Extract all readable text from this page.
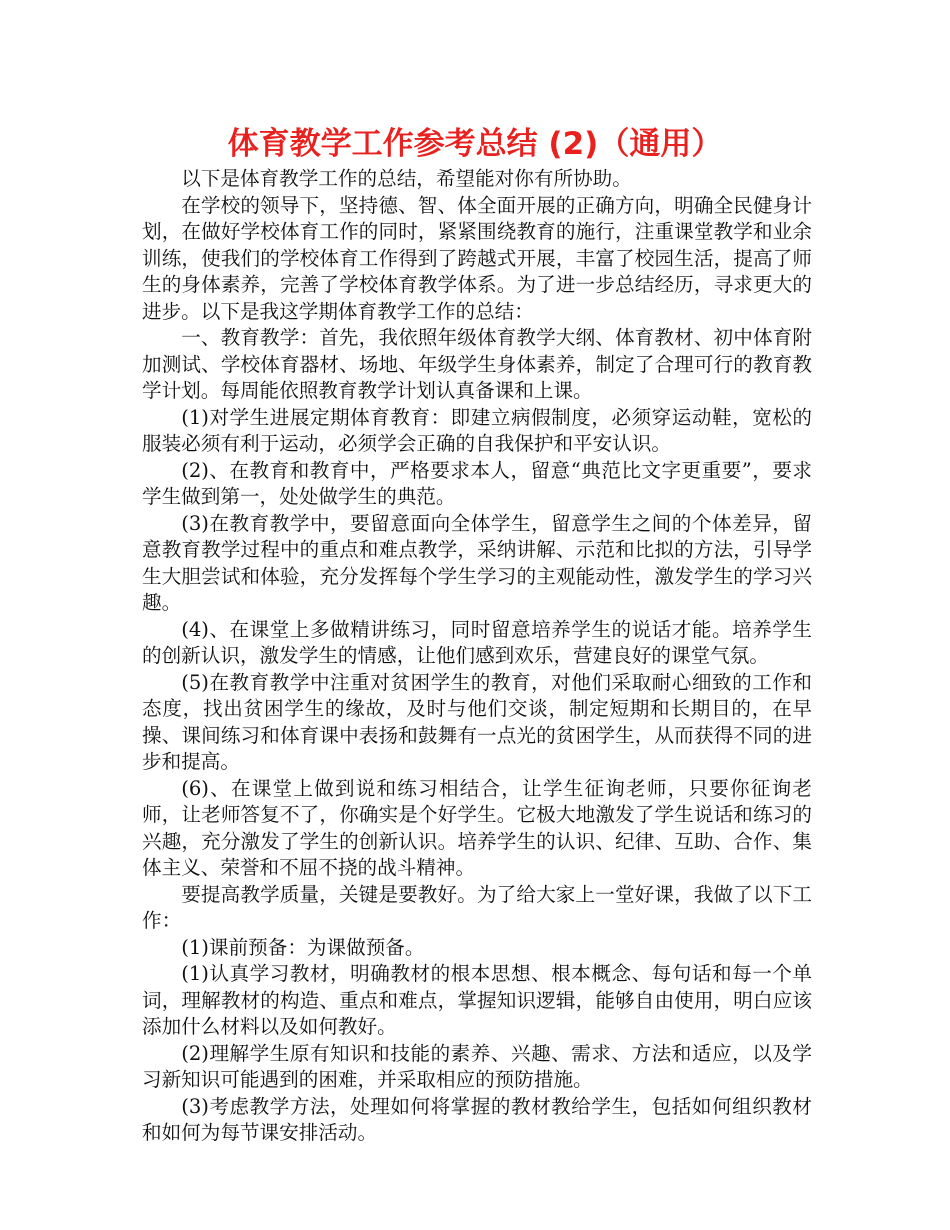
体育教学工作参考总结 (2)（通用）

以下是体育教学工作的总结，希望能对你有所协助。

在学校的领导下，坚持德、智、体全面开展的正确方向，明确全民健身计划，在做好学校体育工作的同时，紧紧围绕教育的施行，注重课堂教学和业余训练，使我们的学校体育工作得到了跨越式开展，丰富了校园生活，提高了师生的身体素养，完善了学校体育教学体系。为了进一步总结经历，寻求更大的进步。以下是我这学期体育教学工作的总结：

一、教育教学：首先，我依照年级体育教学大纲、体育教材、初中体育附加测试、学校体育器材、场地、年级学生身体素养，制定了合理可行的教育教学计划。每周能依照教育教学计划认真备课和上课。

(1)对学生进展定期体育教育：即建立病假制度，必须穿运动鞋，宽松的服装必须有利于运动，必须学会正确的自我保护和平安认识。

(2)、在教育和教育中，严格要求本人，留意“典范比文字更重要”，要求学生做到第一，处处做学生的典范。

(3)在教育教学中，要留意面向全体学生，留意学生之间的个体差异，留意教育教学过程中的重点和难点教学，采纳讲解、示范和比拟的方法，引导学生大胆尝试和体验，充分发挥每个学生学习的主观能动性，激发学生的学习兴趣。

(4)、在课堂上多做精讲练习，同时留意培养学生的说话才能。培养学生的创新认识，激发学生的情感，让他们感到欢乐，营建良好的课堂气氛。

(5)在教育教学中注重对贫困学生的教育，对他们采取耐心细致的工作和态度，找出贫困学生的缘故，及时与他们交谈，制定短期和长期目的，在早操、课间练习和体育课中表扬和鼓舞有一点光的贫困学生，从而获得不同的进步和提高。

(6)、在课堂上做到说和练习相结合，让学生征询老师，只要你征询老师，让老师答复不了，你确实是个好学生。它极大地激发了学生说话和练习的兴趣，充分激发了学生的创新认识。培养学生的认识、纪律、互助、合作、集体主义、荣誉和不屈不挠的战斗精神。

要提高教学质量，关键是要教好。为了给大家上一堂好课，我做了以下工作：

(1)课前预备：为课做预备。

(1)认真学习教材，明确教材的根本思想、根本概念、每句话和每一个单词，理解教材的构造、重点和难点，掌握知识逻辑，能够自由使用，明白应该添加什么材料以及如何教好。

(2)理解学生原有知识和技能的素养、兴趣、需求、方法和适应，以及学习新知识可能遇到的困难，并采取相应的预防措施。

(3)考虑教学方法，处理如何将掌握的教材教给学生，包括如何组织教材和如何为每节课安排活动。
